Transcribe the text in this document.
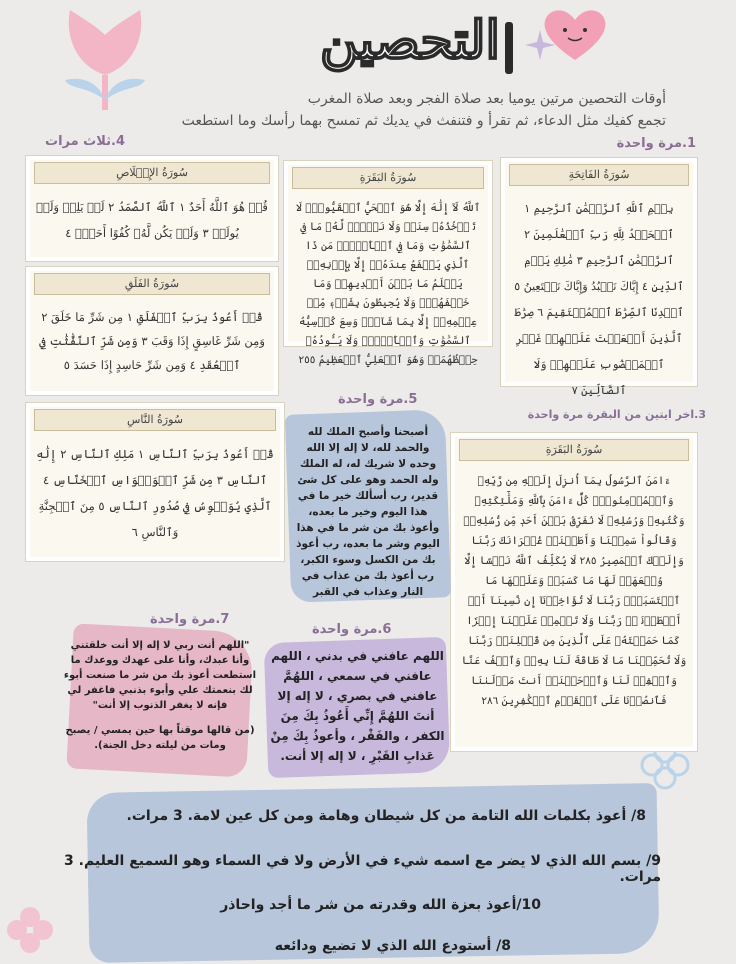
التحصين
أوقات التحصين مرتين يوميا بعد صلاة الفجر وبعد صلاة المغرب
تجمع كفيك مثل الدعاء، ثم تقرأ و فتنفث في يديك ثم تمسح بهما رأسك وما استطعت
1.مرة واحدة
4.ثلاث مرات
سُورَةُ الفَاتِحَةِ
بِسۡمِ ٱللَّهِ ٱلرَّحۡمَٰنِ ٱلرَّحِيمِ ١ ٱلۡحَمۡدُ لِلَّهِ رَبِّ ٱلۡعَٰلَمِينَ ٢ ٱلرَّحۡمَٰنِ ٱلرَّحِيمِ ٣ مَٰلِكِ يَوۡمِ ٱلدِّينِ ٤ إِيَّاكَ نَعۡبُدُ وَإِيَّاكَ نَسۡتَعِينُ ٥ ٱهۡدِنَا ٱلصِّرَٰطَ ٱلۡمُسۡتَقِيمَ ٦ صِرَٰطَ ٱلَّذِينَ أَنۡعَمۡتَ عَلَيۡهِمۡ غَيۡرِ ٱلۡمَغۡضُوبِ عَلَيۡهِمۡ وَلَا ٱلضَّآلِّينَ ٧
سُورَةُ البَقَرَةِ
ٱللَّهُ لَآ إِلَٰهَ إِلَّا هُوَ ٱلۡحَيُّ ٱلۡقَيُّومُۚ لَا تَأۡخُذُهُۥ سِنَةٞ وَلَا نَوۡمٞۚ لَّهُۥ مَا فِي ٱلسَّمَٰوَٰتِ وَمَا فِي ٱلۡأَرۡضِۗ مَن ذَا ٱلَّذِي يَشۡفَعُ عِندَهُۥٓ إِلَّا بِإِذۡنِهِۦۚ يَعۡلَمُ مَا بَيۡنَ أَيۡدِيهِمۡ وَمَا خَلۡفَهُمۡۖ وَلَا يُحِيطُونَ بِشَيۡءٖ مِّنۡ عِلۡمِهِۦٓ إِلَّا بِمَا شَآءَۚ وَسِعَ كُرۡسِيُّهُ ٱلسَّمَٰوَٰتِ وَٱلۡأَرۡضَۖ وَلَا يَـُٔودُهُۥ حِفۡظُهُمَاۚ وَهُوَ ٱلۡعَلِيُّ ٱلۡعَظِيمُ ٢٥٥
سُورَةُ الإِخۡلَاصِ
قُلۡ هُوَ ٱللَّهُ أَحَدٌ ١ ٱللَّهُ ٱلصَّمَدُ ٢ لَمۡ يَلِدۡ وَلَمۡ يُولَدۡ ٣ وَلَمۡ يَكُن لَّهُۥ كُفُوًا أَحَدُۢ ٤
سُورَةُ الفَلَقِ
قُلۡ أَعُوذُ بِرَبِّ ٱلۡفَلَقِ ١ مِن شَرِّ مَا خَلَقَ ٢ وَمِن شَرِّ غَاسِقٍ إِذَا وَقَبَ ٣ وَمِن شَرِّ ٱلنَّفَّٰثَٰتِ فِي ٱلۡعُقَدِ ٤ وَمِن شَرِّ حَاسِدٍ إِذَا حَسَدَ ٥
سُورَةُ النَّاسِ
قُلۡ أَعُوذُ بِرَبِّ ٱلنَّاسِ ١ مَلِكِ ٱلنَّاسِ ٢ إِلَٰهِ ٱلنَّاسِ ٣ مِن شَرِّ ٱلۡوَسۡوَاسِ ٱلۡخَنَّاسِ ٤ ٱلَّذِي يُوَسۡوِسُ فِي صُدُورِ ٱلنَّاسِ ٥ مِنَ ٱلۡجِنَّةِ وَٱلنَّاسِ ٦
3.اخر ايتين من البقرة مرة واحدة
سُورَةُ البَقَرَةِ
ءَامَنَ ٱلرَّسُولُ بِمَآ أُنزِلَ إِلَيۡهِ مِن رَّبِّهِۦ وَٱلۡمُؤۡمِنُونَۚ كُلٌّ ءَامَنَ بِٱللَّهِ وَمَلَٰٓئِكَتِهِۦ وَكُتُبِهِۦ وَرُسُلِهِۦ لَا نُفَرِّقُ بَيۡنَ أَحَدٖ مِّن رُّسُلِهِۦۚ وَقَالُواْ سَمِعۡنَا وَأَطَعۡنَاۖ غُفۡرَانَكَ رَبَّنَا وَإِلَيۡكَ ٱلۡمَصِيرُ ٢٨٥ لَا يُكَلِّفُ ٱللَّهُ نَفۡسًا إِلَّا وُسۡعَهَاۚ لَهَا مَا كَسَبَتۡ وَعَلَيۡهَا مَا ٱكۡتَسَبَتۡۗ رَبَّنَا لَا تُؤَاخِذۡنَآ إِن نَّسِينَآ أَوۡ أَخۡطَأۡنَاۚ رَبَّنَا وَلَا تَحۡمِلۡ عَلَيۡنَآ إِصۡرٗا كَمَا حَمَلۡتَهُۥ عَلَى ٱلَّذِينَ مِن قَبۡلِنَاۚ رَبَّنَا وَلَا تُحَمِّلۡنَا مَا لَا طَاقَةَ لَنَا بِهِۦۖ وَٱعۡفُ عَنَّا وَٱغۡفِرۡ لَنَا وَٱرۡحَمۡنَآۚ أَنتَ مَوۡلَىٰنَا فَٱنصُرۡنَا عَلَى ٱلۡقَوۡمِ ٱلۡكَٰفِرِينَ ٢٨٦
5.مرة واحدة
أصبحنا وأصبح الملك لله والحمد لله، لا إله إلا الله وحده لا شريك له، له الملك وله الحمد وهو على كل شئ قدير، رب أسألك خير ما في هذا اليوم وخير ما بعده، وأعوذ بك من شر ما في هذا اليوم وشر ما بعده، رب أعوذ بك من الكسل وسوء الكبر، رب أعوذ بك من عذاب في النار وعذاب في القبر
7.مرة واحدة
"اللهم أنت ربي لا إله إلا أنت خلقتني وأنا عبدك، وأنا على عهدك ووعدك ما استطعت أعوذ بك من شر ما صنعت أبوء لك بنعمتك علي وأبوء بذنبي فاغفر لي فإنه لا يغفر الذنوب إلا أنت"
(من قالها موقناً بها حين يمسي / يصبح ومات من ليلته دخل الجنة).
6.مرة واحدة
اللهم عافني في بدني ، اللهم عافني في سمعي ، اللهُمَّ عافني في بصري ، لا إله إلا أنتَ اللهُمَّ إِنِّي أَعُوذُ بِكَ مِنَ الكفر ، والفَقْر ، وأعوذُ بِكَ مِنْ عَذابِ القَبْرِ ، لا إله إلا أنت.
8/ أعوذ بكلمات الله التامة من كل شيطان وهامة ومن كل عين لامة. 3 مرات.
9/ بسم الله الذي لا يضر مع اسمه شيء في الأرض ولا في السماء وهو السميع العليم. 3 مرات.
10/أعوذ بعزة الله وقدرته من شر ما أجد واحاذر
8/ أستودع الله الذي لا تضيع ودائعه
